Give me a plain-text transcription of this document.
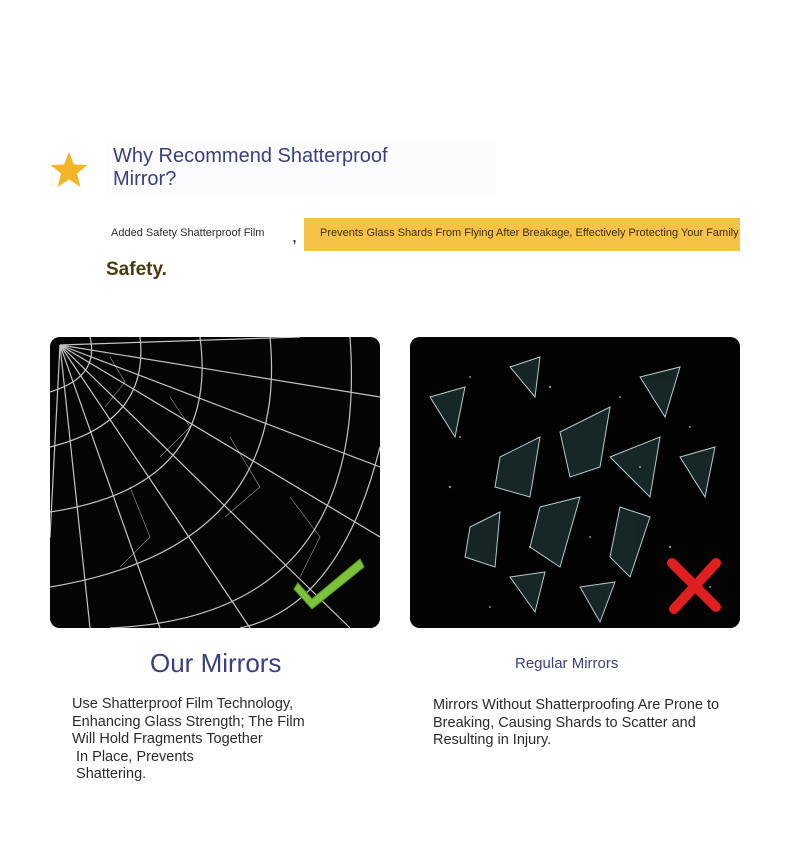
Why Recommend Shatterproof Mirror?
Added Safety Shatterproof Film , Prevents Glass Shards From Flying After Breakage, Effectively Protecting Your Family
Safety.
Our Mirrors	Regular Mirrors
Use Shatterproof Film Technology,
Enhancing Glass Strength; The Film
Will Hold Fragments Together
In Place, Prevents
Shattering.

Mirrors Without Shatterproofing Are Prone to Breaking, Causing Shards to Scatter and Resulting in Injury.
